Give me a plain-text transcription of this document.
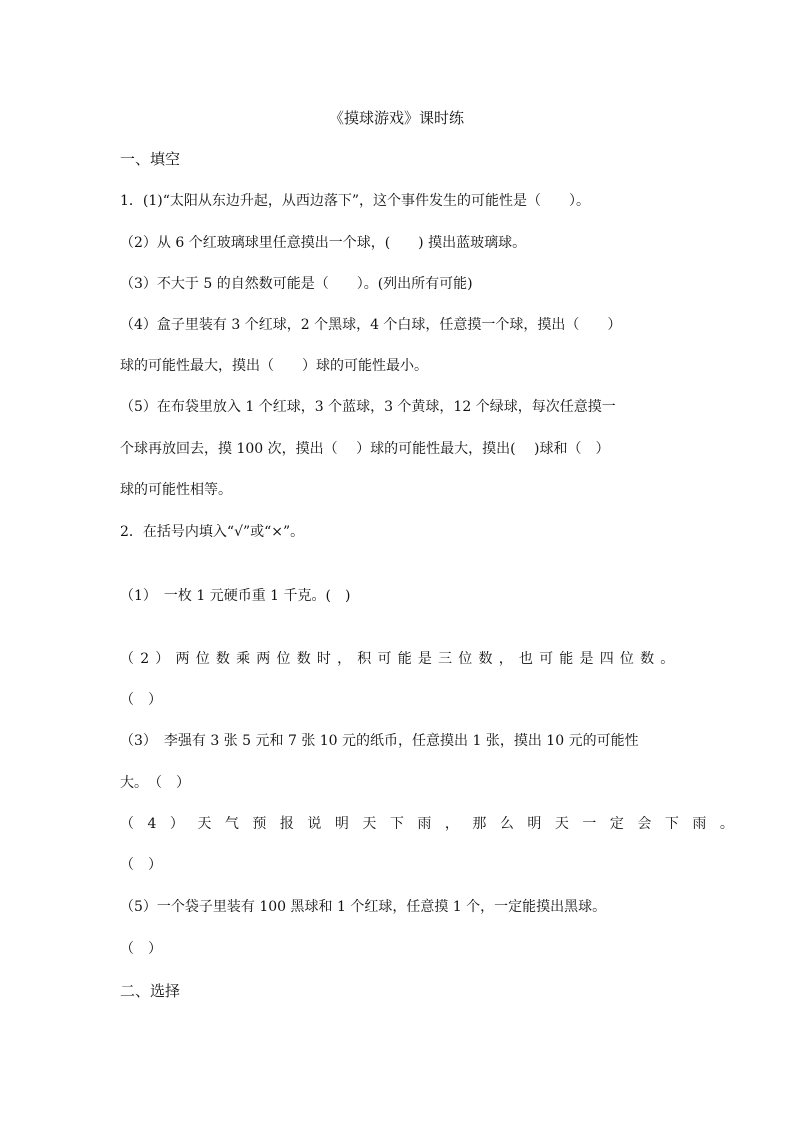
《摸球游戏》课时练
一、填空
1．(1)“太阳从东边升起，从西边落下”，这个事件发生的可能性是（　　）。
（2）从 6 个红玻璃球里任意摸出一个球，(　　) 摸出蓝玻璃球。
（3）不大于 5 的自然数可能是（　　）。(列出所有可能)
（4）盒子里装有 3 个红球，2 个黑球，4 个白球，任意摸一个球，摸出（　　）
球的可能性最大，摸出（　　）球的可能性最小。
（5）在布袋里放入 1 个红球，3 个蓝球，3 个黄球，12 个绿球，每次任意摸一
个球再放回去，摸 100 次，摸出（　 ）球的可能性最大，摸出(　 )球和（　）
球的可能性相等。
2．在括号内填入“√”或“×”。
（1）　一枚 1 元硬币重 1 千克。(　)
（2）两位数乘两位数时，积可能是三位数，也可能是四位数。
（　）
（3）　李强有 3 张 5 元和 7 张 10 元的纸币，任意摸出 1 张，摸出 10 元的可能性
大。　（　）
（4）天气预报说明天下雨，那么明天一定会下雨。
（　）
（5）一个袋子里装有 100 黑球和 1 个红球，任意摸 1 个，一定能摸出黑球。
（　）
二、选择
